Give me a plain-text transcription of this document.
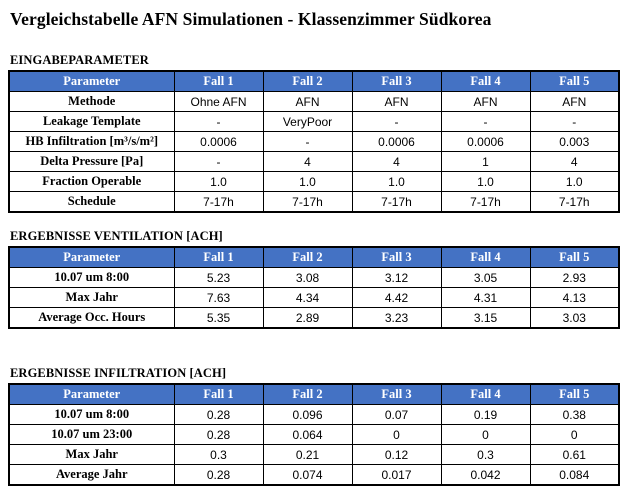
Vergleichstabelle AFN Simulationen - Klassenzimmer Südkorea
EINGABEPARAMETER
Parameter	Fall 1	Fall 2	Fall 3	Fall 4	Fall 5
Methode	Ohne AFN	AFN	AFN	AFN	AFN
Leakage Template	-	VeryPoor	-	-	-
HB Infiltration [m³/s/m²]	0.0006	-	0.0006	0.0006	0.003
Delta Pressure [Pa]	-	4	4	1	4
Fraction Operable	1.0	1.0	1.0	1.0	1.0
Schedule	7-17h	7-17h	7-17h	7-17h	7-17h
ERGEBNISSE VENTILATION [ACH]
Parameter	Fall 1	Fall 2	Fall 3	Fall 4	Fall 5
10.07 um 8:00	5.23	3.08	3.12	3.05	2.93
Max Jahr	7.63	4.34	4.42	4.31	4.13
Average Occ. Hours	5.35	2.89	3.23	3.15	3.03
ERGEBNISSE INFILTRATION [ACH]
Parameter	Fall 1	Fall 2	Fall 3	Fall 4	Fall 5
10.07 um 8:00	0.28	0.096	0.07	0.19	0.38
10.07 um 23:00	0.28	0.064	0	0	0
Max Jahr	0.3	0.21	0.12	0.3	0.61
Average Jahr	0.28	0.074	0.017	0.042	0.084
